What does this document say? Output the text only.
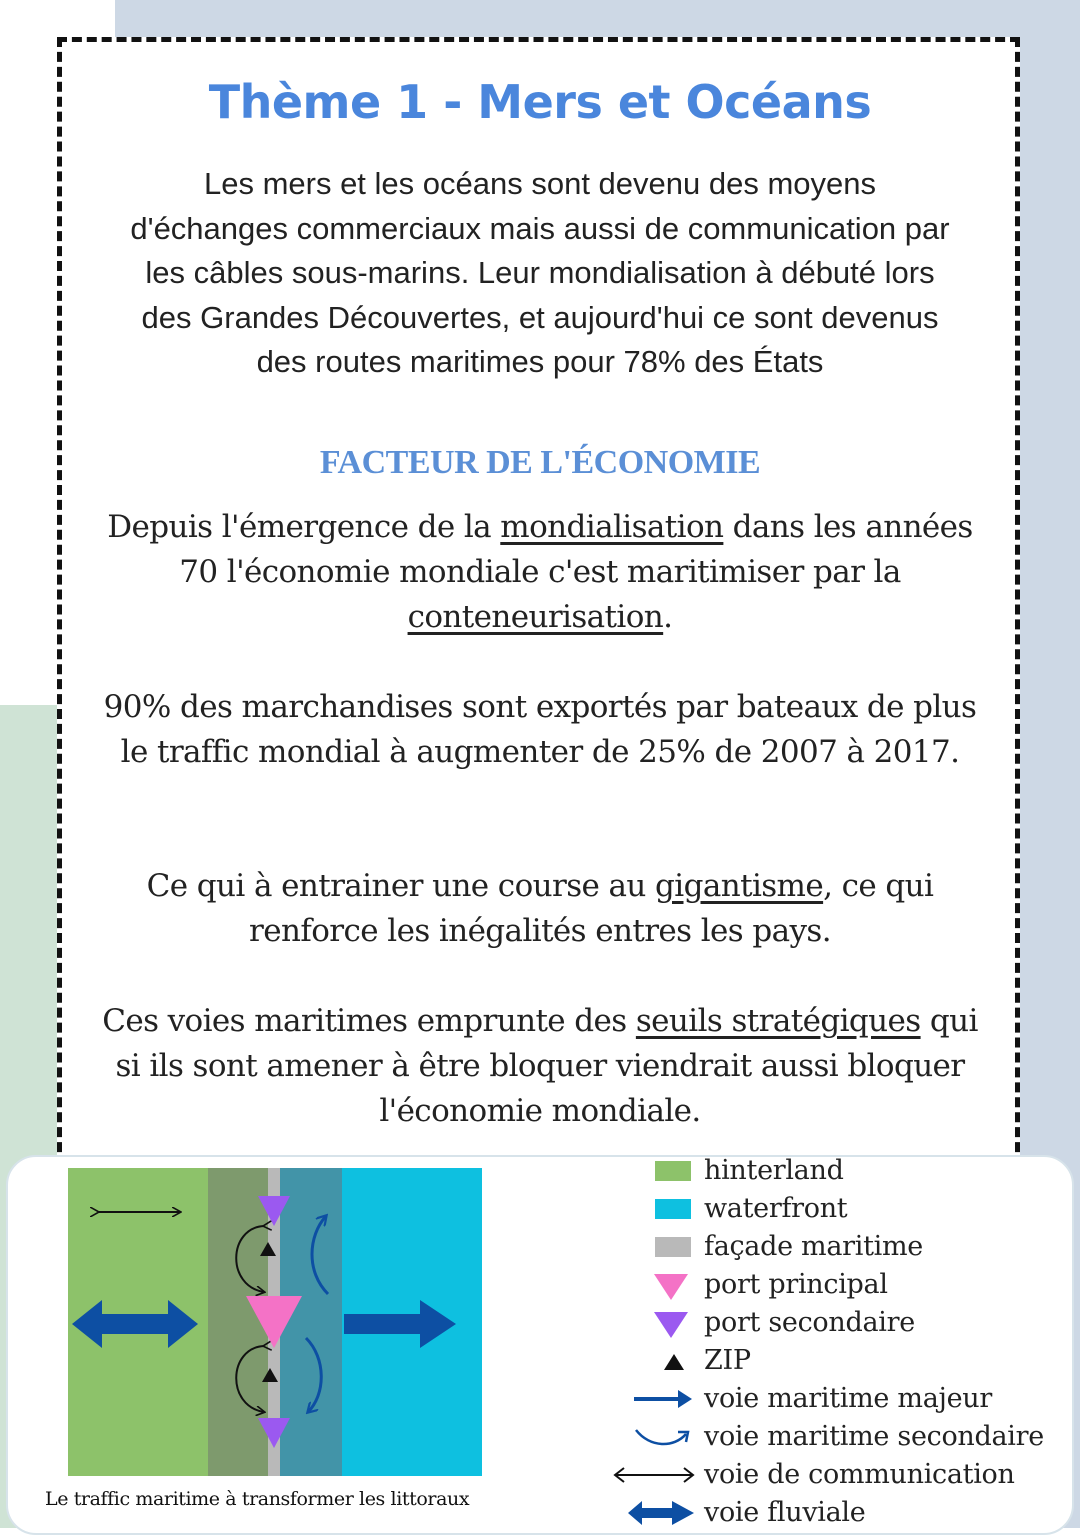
Thème 1 - Mers et Océans

Les mers et les océans sont devenu des moyens
d'échanges commerciaux mais aussi de communication par
les câbles sous-marins. Leur mondialisation à débuté lors
des Grandes Découvertes, et aujourd'hui ce sont devenus
des routes maritimes pour 78% des États

FACTEUR DE L'ÉCONOMIE

Depuis l'émergence de la mondialisation dans les années 70 l'économie mondiale c'est maritimiser par la conteneurisation.

90% des marchandises sont exportés par bateaux de plus le traffic mondial à augmenter de 25% de 2007 à 2017.

Ce qui à entrainer une course au gigantisme, ce qui renforce les inégalités entres les pays.

Ces voies maritimes emprunte des seuils stratégiques qui si ils sont amener à être bloquer viendrait aussi bloquer l'économie mondiale.

Le traffic maritime à transformer les littoraux

hinterland
waterfront
façade maritime
port principal
port secondaire
ZIP
voie maritime majeur
voie maritime secondaire
voie de communication
voie fluviale
